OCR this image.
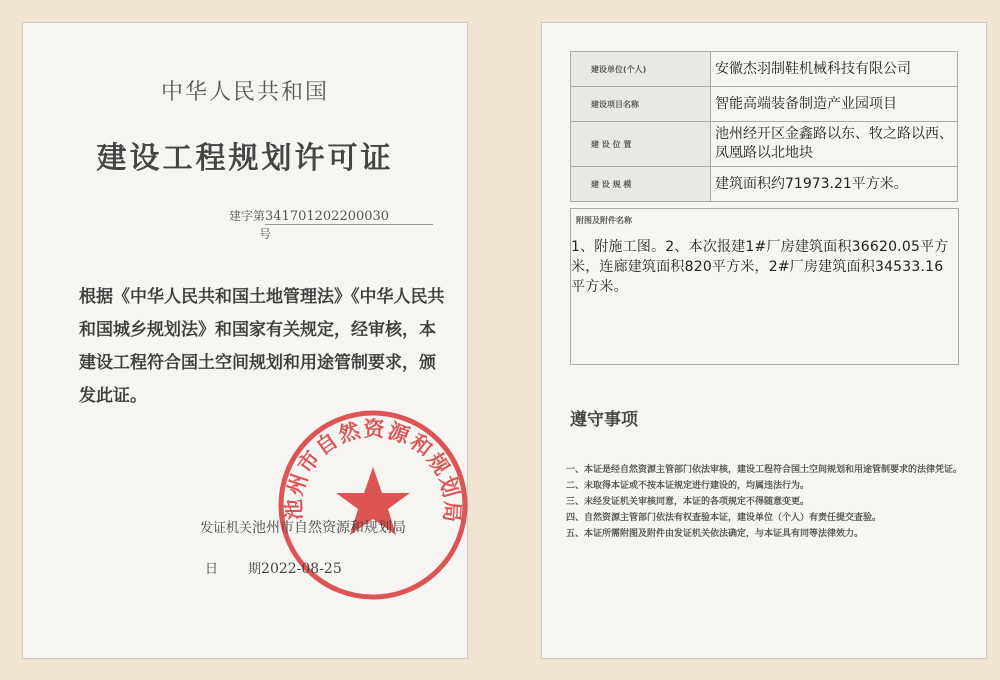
中华人民共和国
建设工程规划许可证
建字第341701202200030号
根据《中华人民共和国土地管理法》《中华人民共和国城乡规划法》和国家有关规定，经审核，本建设工程符合国土空间规划和用途管制要求，颁发此证。
池州市自然资源和规划局
发证机关池州市自然资源和规划局
日 期2022-08-25
建设单位(个人)	安徽杰羽制鞋机械科技有限公司
建设项目名称	智能高端装备制造产业园项目
建 设 位 置	池州经开区金鑫路以东、牧之路以西、凤凰路以北地块
建 设 规 模	建筑面积约71973.21平方米。
附图及附件名称
1、附施工图。2、本次报建1#厂房建筑面积36620.05平方米，连廊建筑面积820平方米，2#厂房建筑面积34533.16平方米。
遵守事项
一、本证是经自然资源主管部门依法审核，建设工程符合国土空间规划和用途管制要求的法律凭证。
二、未取得本证或不按本证规定进行建设的，均属违法行为。
三、未经发证机关审核同意，本证的各项规定不得随意变更。
四、自然资源主管部门依法有权查验本证，建设单位（个人）有责任提交查验。
五、本证所需附图及附件由发证机关依法确定，与本证具有同等法律效力。
